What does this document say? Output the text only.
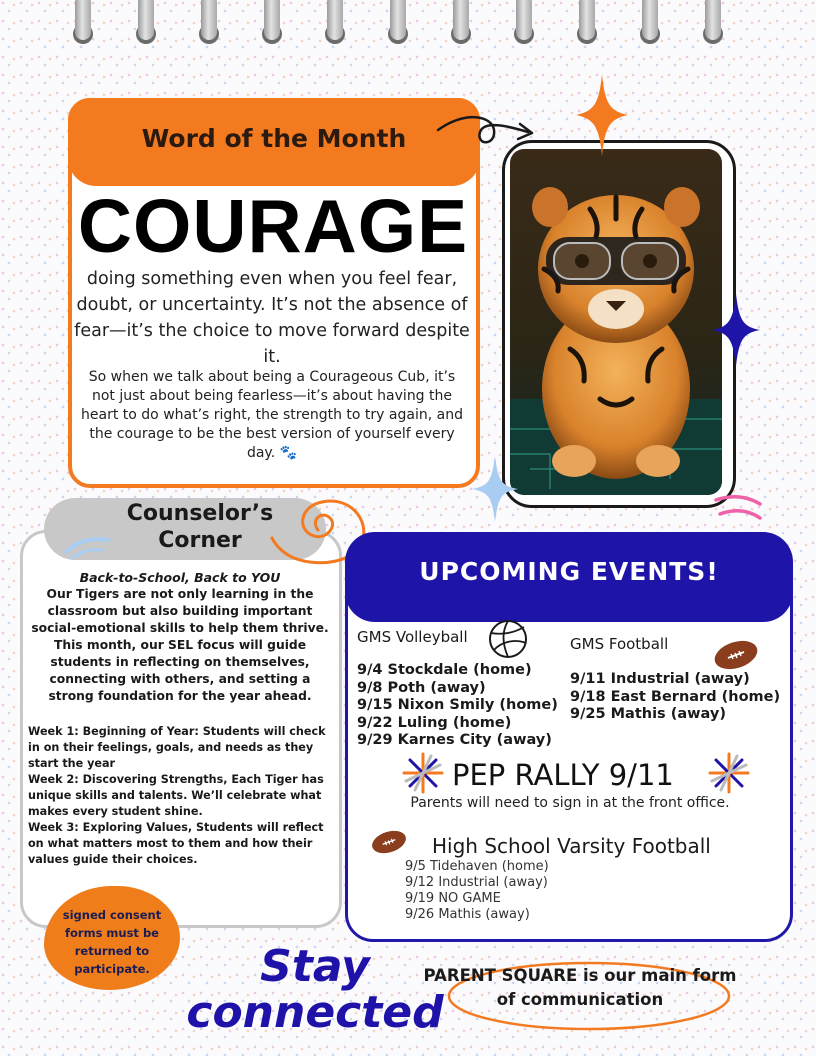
Word of the Month
COURAGE
doing something even when you feel fear, doubt, or uncertainty. It’s not the absence of fear—it’s the choice to move forward despite it.
So when we talk about being a Courageous Cub, it’s not just about being fearless—it’s about having the heart to do what’s right, the strength to try again, and the courage to be the best version of yourself every day. 🐾
Counselor’s
Corner
Back-to-School, Back to YOU
Our Tigers are not only learning in the classroom but also building important social-emotional skills to help them thrive. This month, our SEL focus will guide students in reflecting on themselves, connecting with others, and setting a strong foundation for the year ahead.
Week 1: Beginning of Year: Students will check in on their feelings, goals, and needs as they start the year
Week 2: Discovering Strengths, Each Tiger has unique skills and talents. We’ll celebrate what makes every student shine.
Week 3: Exploring Values, Students will reflect on what matters most to them and how their values guide their choices.
signed consent forms must be returned to participate.
UPCOMING EVENTS!
GMS Volleyball
9/4 Stockdale (home)
9/8 Poth (away)
9/15 Nixon Smily (home)
9/22 Luling (home)
9/29 Karnes City (away)
GMS Football
9/11 Industrial (away)
9/18 East Bernard (home)
9/25 Mathis (away)
PEP RALLY 9/11
Parents will need to sign in at the front office.
High School Varsity Football
9/5 Tidehaven (home)
9/12 Industrial (away)
9/19 NO GAME
9/26 Mathis (away)
Stay
connected
PARENT SQUARE is our main form of communication
